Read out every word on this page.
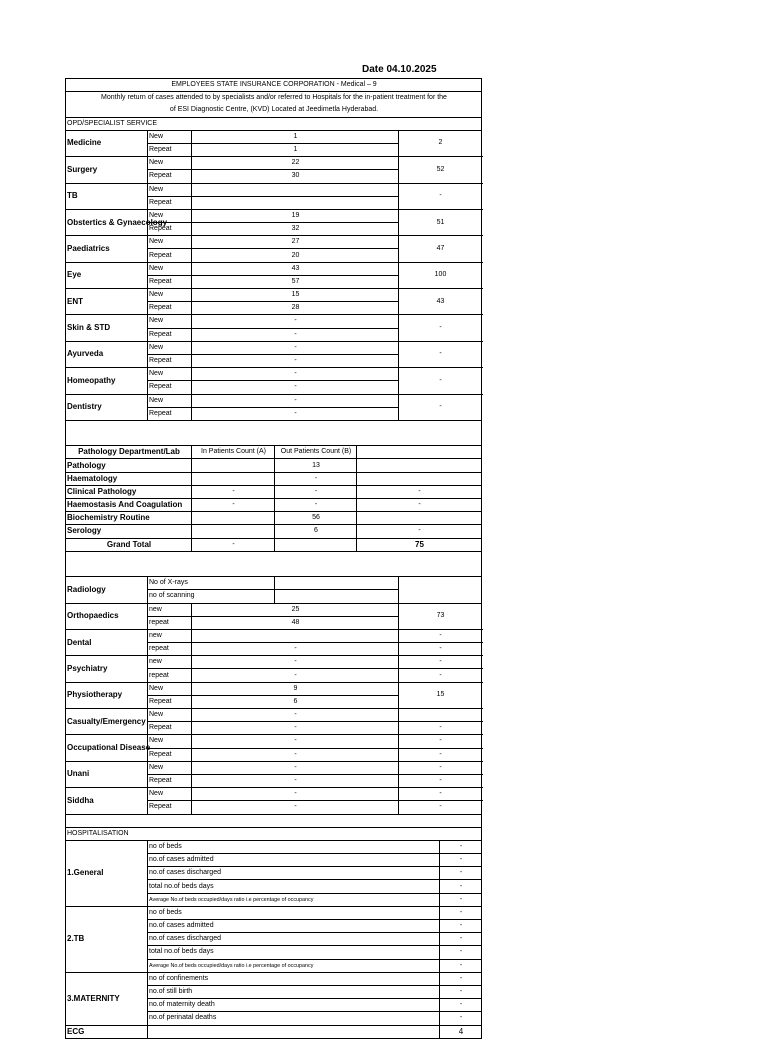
Date 04.10.2025
EMPLOYEES STATE INSURANCE CORPORATION - Medical – 9						
Monthly return of cases attended to by specialists and/or referred to Hospitals for the in-patient treatment for the						
of ESI Diagnostic Centre, (KVD) Located at Jeedimetla Hyderabad.						
OPD/SPECIALIST SERVICE						
Medicine	New	1			2	
	Repeat	1				
Surgery	New	22			52	
	Repeat	30				
TB	New				-	
	Repeat					
Obstertics & Gynaecology	New	19			51	
	Repeat	32				
Paediatrics	New	27			47	
	Repeat	20				
Eye	New	43			100	
	Repeat	57				
ENT	New	15			43	
	Repeat	28				
Skin & STD	New	-			-	
	Repeat	-				
Ayurveda	New	-			-	
	Repeat	-				
Homeopathy	New	-			-	
	Repeat	-				
Dentistry	New	-			-	
	Repeat	-				

Pathology Department/Lab		In Patients Count (A)	Out Patients Count (B)			
Pathology			13			
Haematology			-			
Clinical Pathology		-	-	-		
Haemostasis And Coagulation		-	-	-		
Biochemistry Routine			56			
Serology			6	-		
Grand Total		-		75		

Radiology	No of X-rays					
	no of scanning					
Orthopaedics	new	25			73	
	repeat	48				
Dental	new				-	
	repeat	-			-	
Psychiatry	new	-			-	
	repeat	-			-	
Physiotherapy	New	9			15	
	Repeat	6				
Casualty/Emergency	New	-				
	Repeat	-			-	
Occupational Disease	New	-			-	
	Repeat	-			-	
Unani	New	-			-	
	Repeat	-			-	
Siddha	New	-			-	
	Repeat	-			-	

HOSPITALISATION						
1.General	no of beds					-
	no.of cases admitted					-
	no.of cases discharged					-
	total no.of beds days					-
	Average No.of beds occupied/days ratio i.e percentage of occupancy					-
2.TB	no of beds					-
	no.of cases admitted					-
	no.of cases discharged					-
	total no.of beds days					-
	Average No.of beds occupied/days ratio i.e percentage of occupancy					-
3.MATERNITY	no of confinements					-
	no.of still birth					-
	no.of maternity death					-
	no.of perinatal deaths					-
ECG						4
